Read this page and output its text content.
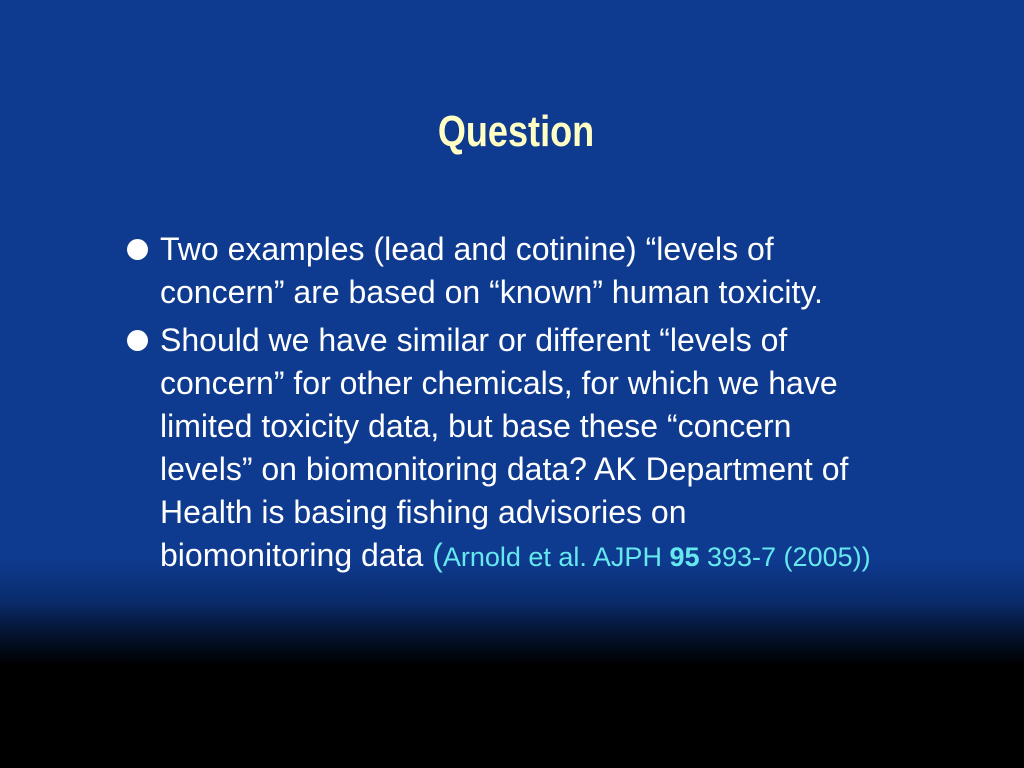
Question
Two examples (lead and cotinine) “levels of concern” are based on “known” human toxicity.
Should we have similar or different “levels of concern” for other chemicals, for which we have limited toxicity data, but base these “concern levels” on biomonitoring data? AK Department of Health is basing fishing advisories on biomonitoring data (Arnold et al. AJPH 95 393-7 (2005))
